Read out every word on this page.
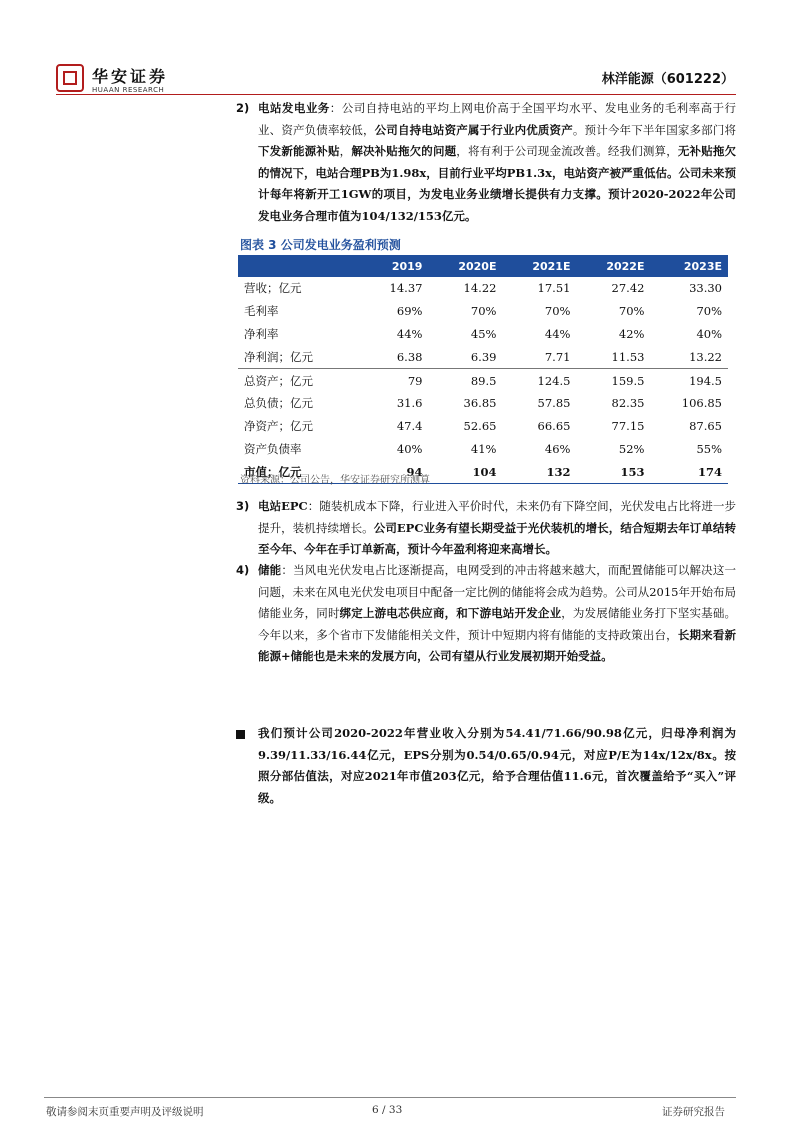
华安证券
HUAAN RESEARCH
林洋能源（601222）
2) 电站发电业务：公司自持电站的平均上网电价高于全国平均水平、发电业务的毛利率高于行业、资产负债率较低，公司自持电站资产属于行业内优质资产。预计今年下半年国家多部门将下发新能源补贴，解决补贴拖欠的问题，将有利于公司现金流改善。经我们测算，无补贴拖欠的情况下，电站合理PB为1.98x，目前行业平均PB1.3x，电站资产被严重低估。公司未来预计每年将新开工1GW的项目，为发电业务业绩增长提供有力支撑。预计2020-2022年公司发电业务合理市值为104/132/153亿元。
图表 3 公司发电业务盈利预测
	2019	2020E	2021E	2022E	2023E
营收；亿元	14.37	14.22	17.51	27.42	33.30
毛利率	69%	70%	70%	70%	70%
净利率	44%	45%	44%	42%	40%
净利润；亿元	6.38	6.39	7.71	11.53	13.22
总资产；亿元	79	89.5	124.5	159.5	194.5
总负债；亿元	31.6	36.85	57.85	82.35	106.85
净资产；亿元	47.4	52.65	66.65	77.15	87.65
资产负债率	40%	41%	46%	52%	55%
市值；亿元	94	104	132	153	174
资料来源：公司公告，华安证券研究所测算
3) 电站EPC：随装机成本下降，行业进入平价时代，未来仍有下降空间，光伏发电占比将进一步提升，装机持续增长。公司EPC业务有望长期受益于光伏装机的增长，结合短期去年订单结转至今年、今年在手订单新高，预计今年盈利将迎来高增长。
4) 储能：当风电光伏发电占比逐渐提高，电网受到的冲击将越来越大，而配置储能可以解决这一问题，未来在风电光伏发电项目中配备一定比例的储能将会成为趋势。公司从2015年开始布局储能业务，同时绑定上游电芯供应商，和下游电站开发企业，为发展储能业务打下坚实基础。今年以来，多个省市下发储能相关文件，预计中短期内将有储能的支持政策出台，长期来看新能源+储能也是未来的发展方向，公司有望从行业发展初期开始受益。
我们预计公司2020-2022年营业收入分别为54.41/71.66/90.98亿元，归母净利润为9.39/11.33/16.44亿元，EPS分别为0.54/0.65/0.94元，对应P/E为14x/12x/8x。按照分部估值法，对应2021年市值203亿元，给予合理估值11.6元，首次覆盖给予“买入”评级。
敬请参阅末页重要声明及评级说明	6 / 33	证券研究报告
